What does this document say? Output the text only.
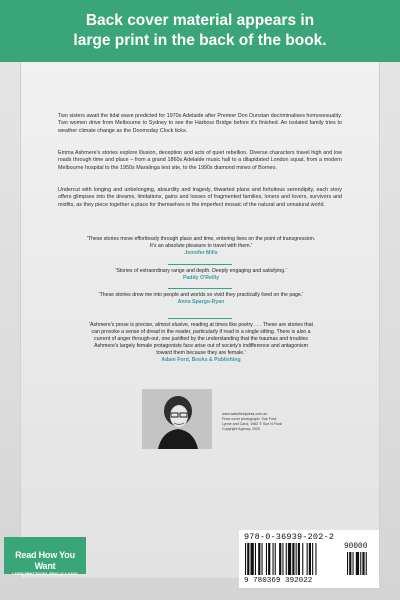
Back cover material appears in
large print in the back of the book.
Two sisters await the tidal wave predicted for 1970s Adelaide after Premier Don Dunstan decriminalises homosexuality. Two women drive from Melbourne to Sydney to see the Harbour Bridge before it's finished. An isolated family tries to weather climate change as the Doomsday Clock ticks.
Emma Ashmere's stories explore illusion, deception and acts of quiet rebellion. Diverse characters travel high and low roads through time and place – from a grand 1860s Adelaide music hall to a dilapidated London squat, from a modern Melbourne hospital to the 1950s Maralinga test site, to the 1990s diamond mines of Borneo.
Undercut with longing and unbelonging, absurdity and tragedy, thwarted plans and fortuitous serendipity, each story offers glimpses into the dreams, limitations, gains and losses of fragmented families, loners and lovers, survivors and misfits, as they piece together a place for themselves in the imperfect mosaic of the natural and unnatural world.
'These stories move effortlessly through place and time, entering lives on the point of transgression. It's an absolute pleasure to travel with them.'
Jennifer Mills
'Stories of extraordinary range and depth. Deeply engaging and satisfying.'
Paddy O'Reilly
'These stories drew me into people and worlds so vivid they practically lived on the page.'
Anna Spargo-Ryan
'Ashmere's prose is precise, almost elusive, reading at times like poetry . . . These are stories that can provoke a sense of dread in the reader, particularly if read in a single sitting. There is also a current of anger through-out, one justified by the understanding that the traumas and troubles Ashmere's largely female protagonists face arise out of society's indifference and antagonism toward them because they are female.'
Adam Ford, Books & Publishing
www.wakefieldpress.com.au
Front cover photograph: Sue Ford,
Lynne and Carol, 1962 © Sue N Ford/
Copyright Agency, 2020
Read How You Want
LARGE PRINT BOOKS, BRAILLE & DAISY
978-0-36939-202-2
90000
9 780369 392022
